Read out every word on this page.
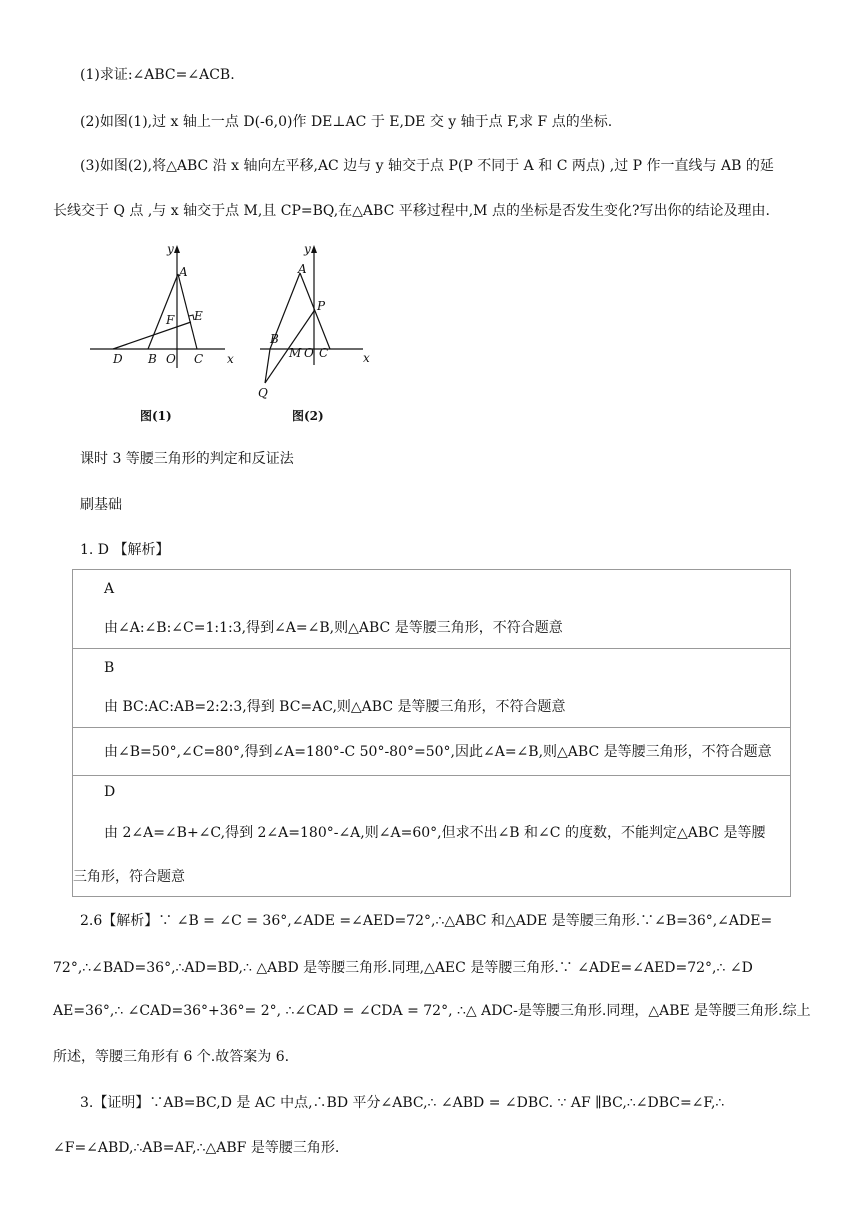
(1)求证:∠ABC=∠ACB.
(2)如图(1),过 x 轴上一点 D(-6,0)作 DE⊥AC 于 E,DE 交 y 轴于点 F,求 F 点的坐标.
(3)如图(2),将△ABC 沿 x 轴向左平移,AC 边与 y 轴交于点 P(P 不同于 A 和 C 两点) ,过 P 作一直线与 AB 的延
长线交于 Q 点 ,与 x 轴交于点 M,且 CP=BQ,在△ABC 平移过程中,M 点的坐标是否发生变化?写出你的结论及理由.
y
A
E
F
D B O C x
图(1)
y
A
P
B
M O C	x
Q
图(2)
课时 3 等腰三角形的判定和反证法
刷基础
1. D 【解析】
A
由∠A:∠B:∠C=1:1:3,得到∠A=∠B,则△ABC 是等腰三角形，不符合题意
B
由 BC:AC:AB=2:2:3,得到 BC=AC,则△ABC 是等腰三角形，不符合题意
由∠B=50°,∠C=80°,得到∠A=180°-C 50°-80°=50°,因此∠A=∠B,则△ABC 是等腰三角形，不符合题意
D
由 2∠A=∠B+∠C,得到 2∠A=180°-∠A,则∠A=60°,但求不出∠B 和∠C 的度数，不能判定△ABC 是等腰
三角形，符合题意
2.6【解析】∵ ∠B = ∠C = 36°,∠ADE =∠AED=72°,∴△ABC 和△ADE 是等腰三角形.∵∠B=36°,∠ADE=
72°,∴∠BAD=36°,∴AD=BD,∴ △ABD 是等腰三角形.同理,△AEC 是等腰三角形.∵ ∠ADE=∠AED=72°,∴ ∠D
AE=36°,∴ ∠CAD=36°+36°= 2°, ∴∠CAD = ∠CDA = 72°, ∴△ ADC-是等腰三角形.同理，△ABE 是等腰三角形.综上
所述，等腰三角形有 6 个.故答案为 6.
3.【证明】∵AB=BC,D 是 AC 中点,∴BD 平分∠ABC,∴ ∠ABD = ∠DBC. ∵ AF ∥BC,∴∠DBC=∠F,∴
∠F=∠ABD,∴AB=AF,∴△ABF 是等腰三角形.
